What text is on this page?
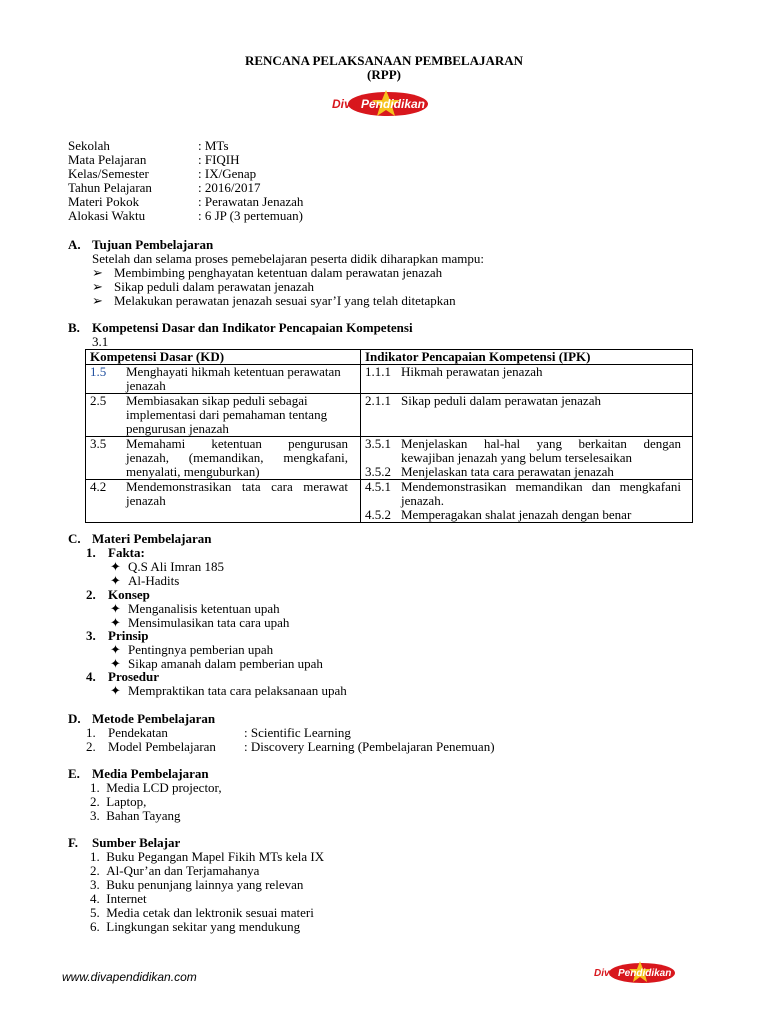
RENCANA PELAKSANAAN PEMBELAJARAN
(RPP)
Diva Pendidikan
Sekolah	: MTs
Mata Pelajaran	: FIQIH
Kelas/Semester	: IX/Genap
Tahun Pelajaran	: 2016/2017
Materi Pokok	: Perawatan Jenazah
Alokasi Waktu	: 6 JP (3 pertemuan)
A. Tujuan Pembelajaran
Setelah dan selama proses pemebelajaran peserta didik diharapkan mampu:
➢ Membimbing penghayatan ketentuan dalam perawatan jenazah
➢ Sikap peduli dalam perawatan jenazah
➢ Melakukan perawatan jenazah sesuai syar’I yang telah ditetapkan
B. Kompetensi Dasar dan Indikator Pencapaian Kompetensi
3.1
Kompetensi Dasar (KD)	Indikator Pencapaian Kompetensi (IPK)
1.5 Menghayati hikmah ketentuan perawatan jenazah	1.1.1 Hikmah perawatan jenazah
2.5 Membiasakan sikap peduli sebagai implementasi dari pemahaman tentang pengurusan jenazah	2.1.1 Sikap peduli dalam perawatan jenazah
3.5 Memahami ketentuan pengurusan jenazah, (memandikan, mengkafani, menyalati, menguburkan)	3.5.1 Menjelaskan hal-hal yang berkaitan dengan kewajiban jenazah yang belum terselesaikan
3.5.2 Menjelaskan tata cara perawatan jenazah

4.2 Mendemonstrasikan tata cara merawat jenazah	4.5.1 Mendemonstrasikan memandikan dan mengkafani jenazah.
4.5.2 Memperagakan shalat jenazah dengan benar
C. Materi Pembelajaran
1. Fakta:
✦ Q.S Ali Imran 185
✦ Al-Hadits
2. Konsep
✦ Menganalisis ketentuan upah
✦ Mensimulasikan tata cara upah
3. Prinsip
✦ Pentingnya pemberian upah
✦ Sikap amanah dalam pemberian upah
4. Prosedur
✦ Mempraktikan tata cara pelaksanaan upah
D. Metode Pembelajaran
1. Pendekatan	: Scientific Learning
2. Model Pembelajaran : Discovery Learning (Pembelajaran Penemuan)
E. Media Pembelajaran
1.  Media LCD projector,
2.  Laptop,
3.  Bahan Tayang
F. Sumber Belajar
1.  Buku Pegangan Mapel Fikih MTs kela IX
2.  Al-Qur’an dan Terjamahanya
3.  Buku penunjang lainnya yang relevan
4.  Internet
5.  Media cetak dan lektronik sesuai materi
6.  Lingkungan sekitar yang mendukung
www.divapendidikan.com	Diva Pendidikan
